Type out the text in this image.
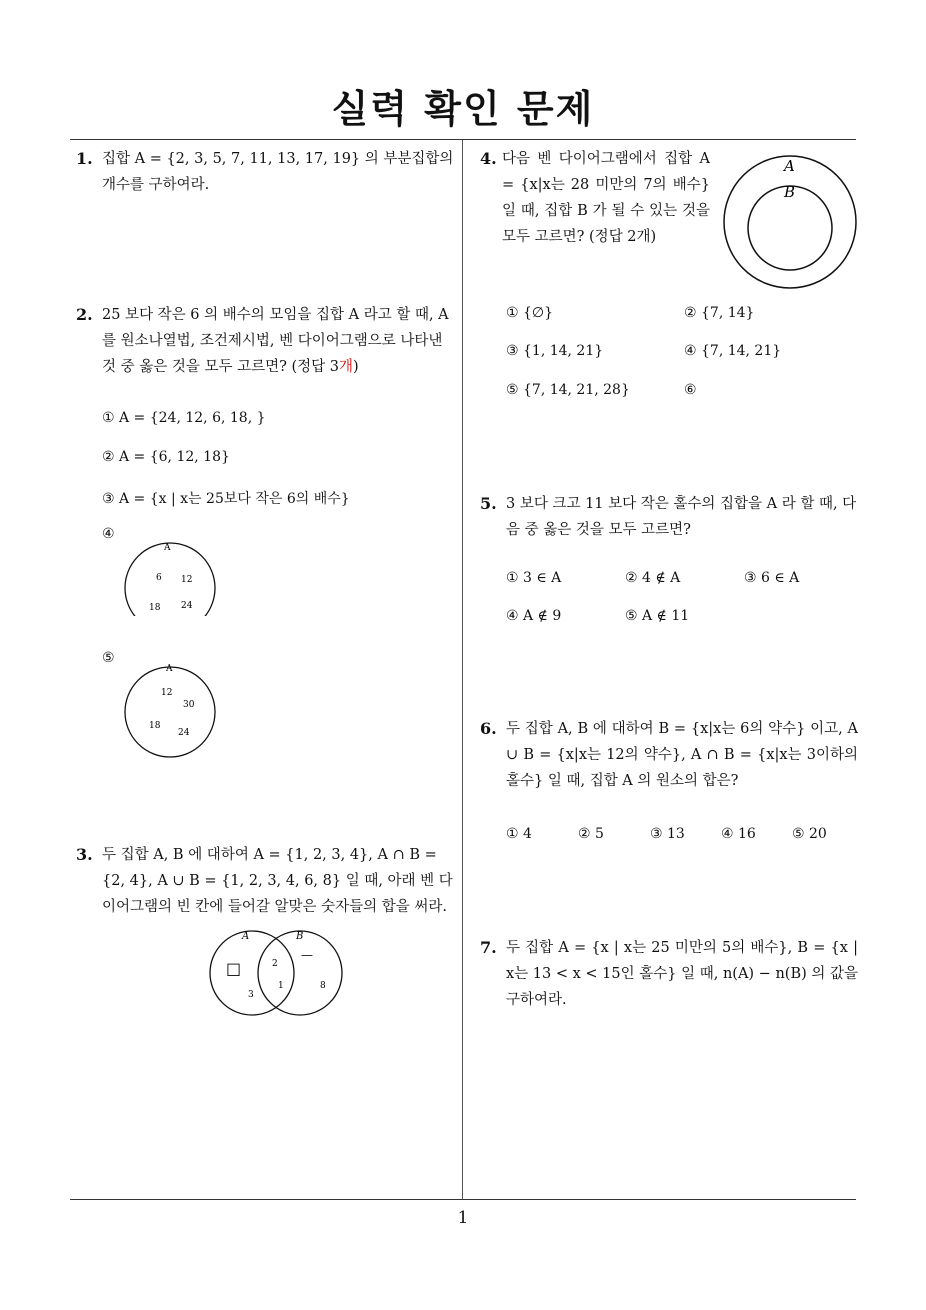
실력 확인 문제
1
1. 집합 A = {2, 3, 5, 7, 11, 13, 17, 19} 의 부분집합의 개수를 구하여라.
2. 25 보다 작은 6 의 배수의 모임을 집합 A 라고 할 때, A 를 원소나열법, 조건제시법, 벤 다이어그램으로 나타낸 것 중 옳은 것을 모두 고르면? (정답 3개)
① A = {24, 12, 6, 18, }
② A = {6, 12, 18}
③ A = {x | x는 25보다 작은 6의 배수}
④
A
6 12
18 24
⑤
A
12
30
18
24
3. 두 집합 A, B 에 대하여 A = {1, 2, 3, 4}, A ∩ B = {2, 4}, A ∪ B = {1, 2, 3, 4, 6, 8} 일 때, 아래 벤 다이어그램의 빈 칸에 들어갈 알맞은 숫자들의 합을 써라.
A	B
□	2
1
3
8
—
4. 다음 벤 다이어그램에서 집합 A = {x|x는 28 미만의 7의 배수} 일 때, 집합 B 가 될 수 있는 것을 모두 고르면? (정답 2개)
A
B
① {∅}	② {7, 14}
③ {1, 14, 21}	④ {7, 14, 21}
⑤ {7, 14, 21, 28}	⑥
5. 3 보다 크고 11 보다 작은 홀수의 집합을 A 라 할 때, 다음 중 옳은 것을 모두 고르면?
① 3 ∈ A	② 4 ∉ A	③ 6 ∈ A
④ A ∉ 9	⑤ A ∉ 11
6. 두 집합 A, B 에 대하여 B = {x|x는 6의 약수} 이고, A ∪ B = {x|x는 12의 약수}, A ∩ B = {x|x는 3이하의 홀수} 일 때, 집합 A 의 원소의 합은?
① 4	② 5	③ 13	④ 16	⑤ 20
7. 두 집합 A = {x | x는 25 미만의 5의 배수}, B = {x | x는 13 < x < 15인 홀수} 일 때, n(A) − n(B) 의 값을 구하여라.
